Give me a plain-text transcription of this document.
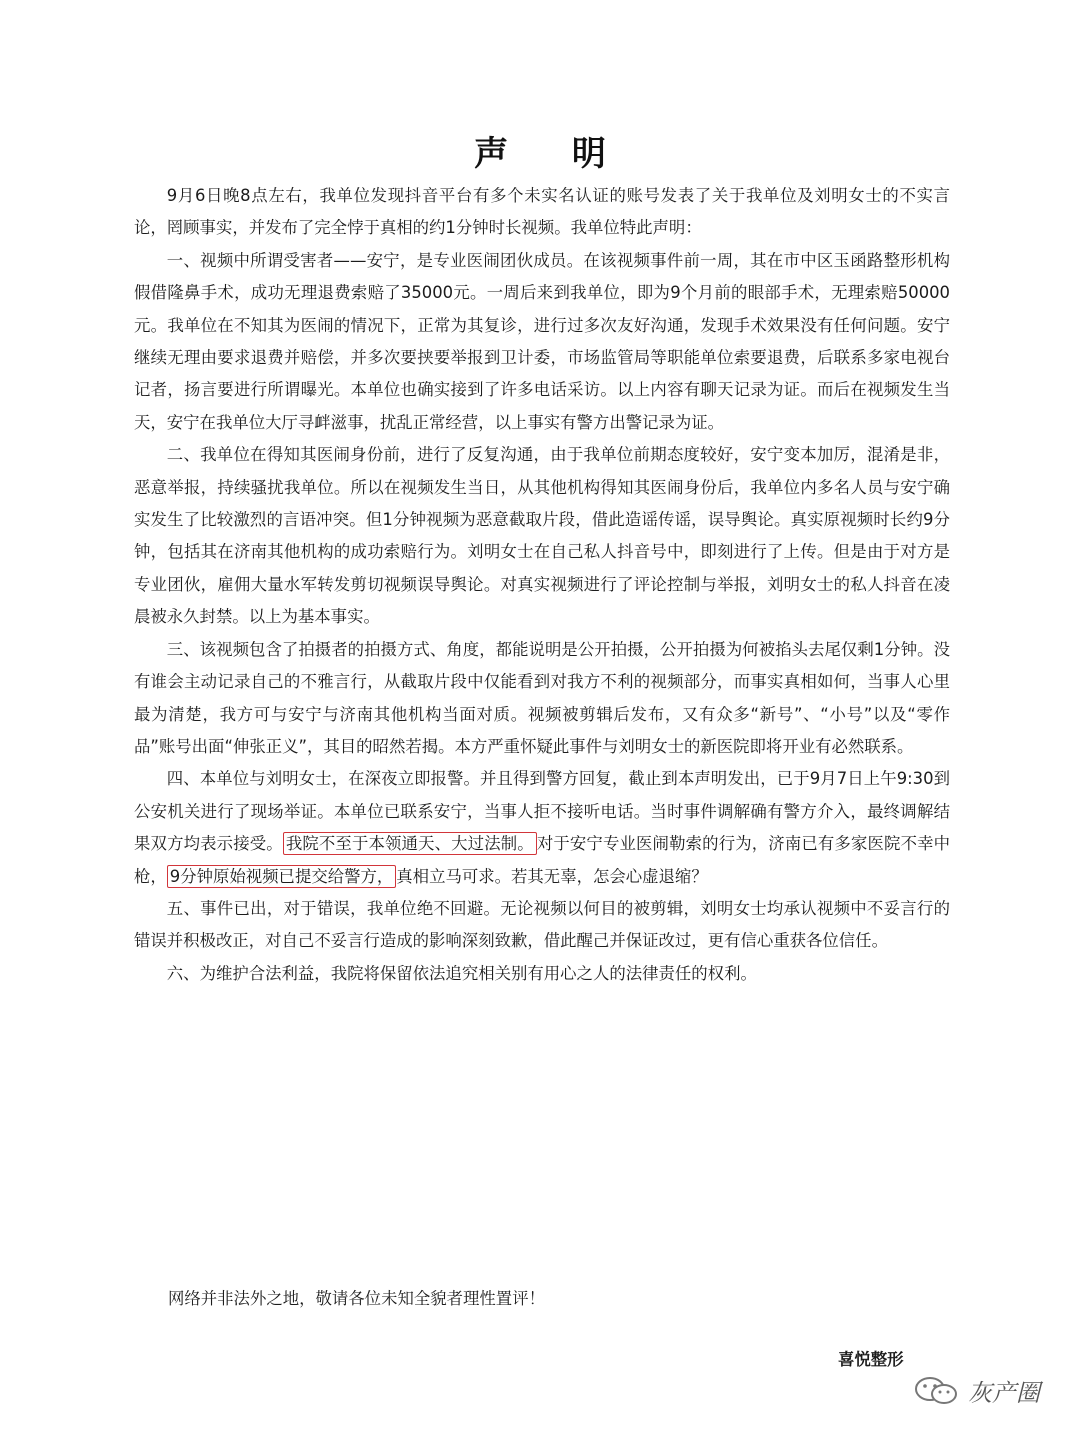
声 明

9月6日晚8点左右，我单位发现抖音平台有多个未实名认证的账号发表了关于我单位及刘明女士的不实言论，罔顾事实，并发布了完全悖于真相的约1分钟时长视频。我单位特此声明：

一、视频中所谓受害者——安宁，是专业医闹团伙成员。在该视频事件前一周，其在市中区玉函路整形机构假借隆鼻手术，成功无理退费索赔了35000元。一周后来到我单位，即为9个月前的眼部手术，无理索赔50000元。我单位在不知其为医闹的情况下，正常为其复诊，进行过多次友好沟通，发现手术效果没有任何问题。安宁继续无理由要求退费并赔偿，并多次要挟要举报到卫计委，市场监管局等职能单位索要退费，后联系多家电视台记者，扬言要进行所谓曝光。本单位也确实接到了许多电话采访。以上内容有聊天记录为证。而后在视频发生当天，安宁在我单位大厅寻衅滋事，扰乱正常经营，以上事实有警方出警记录为证。

二、我单位在得知其医闹身份前，进行了反复沟通，由于我单位前期态度较好，安宁变本加厉，混淆是非，恶意举报，持续骚扰我单位。所以在视频发生当日，从其他机构得知其医闹身份后，我单位内多名人员与安宁确实发生了比较激烈的言语冲突。但1分钟视频为恶意截取片段，借此造谣传谣，误导舆论。真实原视频时长约9分钟，包括其在济南其他机构的成功索赔行为。刘明女士在自己私人抖音号中，即刻进行了上传。但是由于对方是专业团伙，雇佣大量水军转发剪切视频误导舆论。对真实视频进行了评论控制与举报，刘明女士的私人抖音在凌晨被永久封禁。以上为基本事实。

三、该视频包含了拍摄者的拍摄方式、角度，都能说明是公开拍摄，公开拍摄为何被掐头去尾仅剩1分钟。没有谁会主动记录自己的不雅言行，从截取片段中仅能看到对我方不利的视频部分，而事实真相如何，当事人心里最为清楚，我方可与安宁与济南其他机构当面对质。视频被剪辑后发布，又有众多“新号”、“小号”以及“零作品”账号出面“伸张正义”，其目的昭然若揭。本方严重怀疑此事件与刘明女士的新医院即将开业有必然联系。

四、本单位与刘明女士，在深夜立即报警。并且得到警方回复，截止到本声明发出，已于9月7日上午9:30到公安机关进行了现场举证。本单位已联系安宁，当事人拒不接听电话。当时事件调解确有警方介入，最终调解结果双方均表示接受。 我院不至于本领通天、大过法制。 对于安宁专业医闹勒索的行为，济南已有多家医院不幸中枪， 9分钟原始视频已提交给警方， 真相立马可求。若其无辜，怎会心虚退缩？

五、事件已出，对于错误，我单位绝不回避。无论视频以何目的被剪辑，刘明女士均承认视频中不妥言行的错误并积极改正，对自己不妥言行造成的影响深刻致歉，借此醒己并保证改过，更有信心重获各位信任。

六、为维护合法利益，我院将保留依法追究相关别有用心之人的法律责任的权利。

网络并非法外之地，敬请各位未知全貌者理性置评！

喜悦整形

灰产圈
